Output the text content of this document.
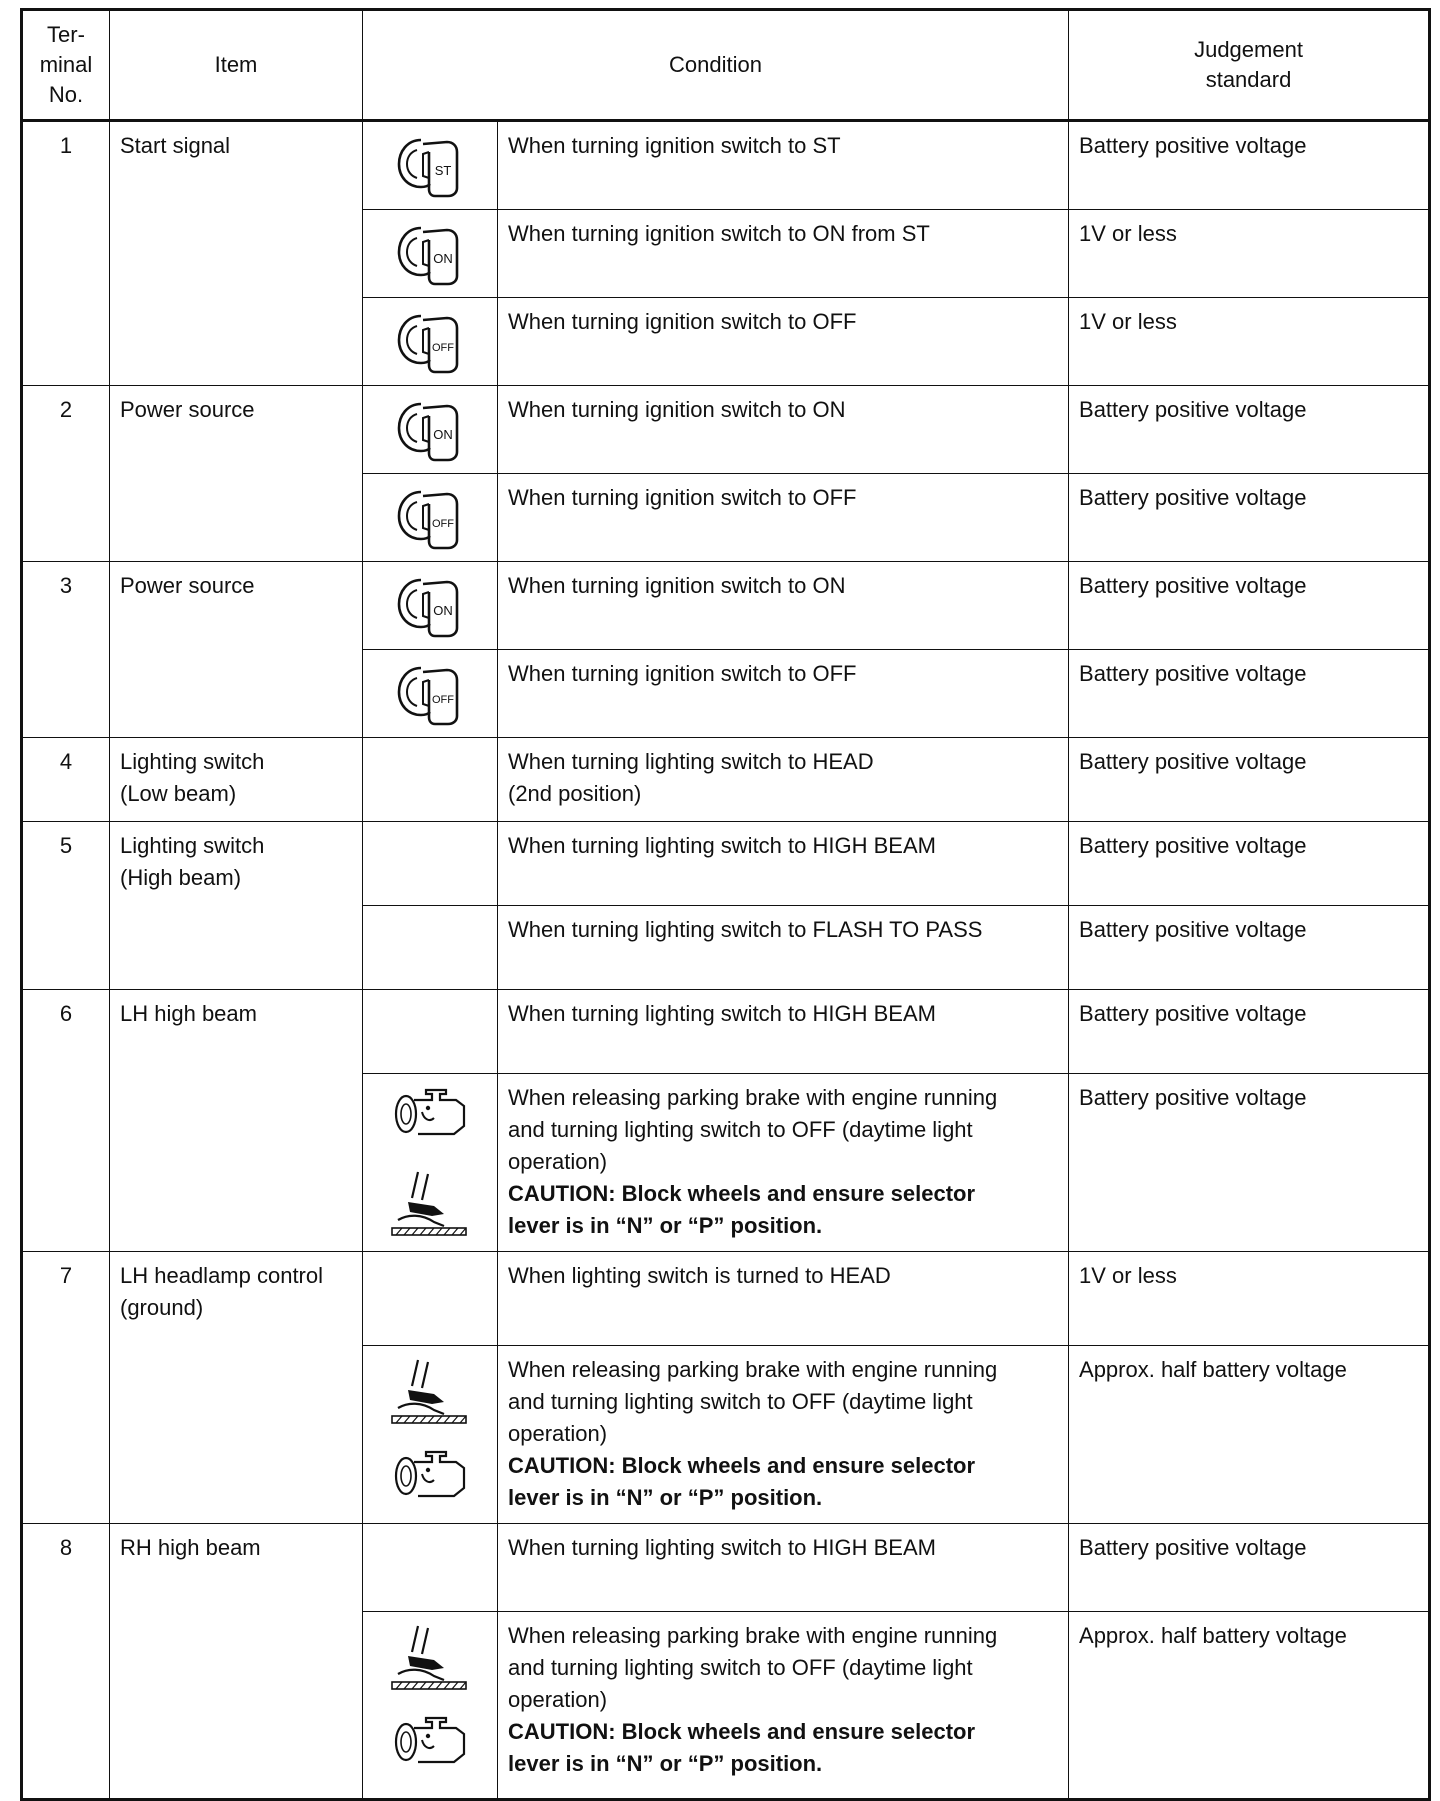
Ter-
minal
No.	Item	Condition		Judgement
standard

1	Start signal	ST	When turning ignition switch to ST	Battery positive voltage

ON	When turning ignition switch to ON from ST	1V or less

OFF	When turning ignition switch to OFF	1V or less
2	Power source	ON	When turning ignition switch to ON	Battery positive voltage

OFF	When turning ignition switch to OFF	Battery positive voltage
3	Power source	ON	When turning ignition switch to ON	Battery positive voltage

OFF	When turning ignition switch to OFF	Battery positive voltage
4	Lighting switch
(Low beam)		When turning lighting switch to HEAD
(2nd position)	Battery positive voltage
5	Lighting switch
(High beam)		When turning lighting switch to HIGH BEAM	Battery positive voltage

			When turning lighting switch to FLASH TO PASS	Battery positive voltage
6	LH high beam		When turning lighting switch to HIGH BEAM	Battery positive voltage

When releasing parking brake with engine running
and turning lighting switch to OFF (daytime light
operation)
CAUTION: Block wheels and ensure selector
lever is in “N” or “P” position.	Battery positive voltage
7	LH headlamp control
(ground)		When lighting switch is turned to HEAD	1V or less

When releasing parking brake with engine running
and turning lighting switch to OFF (daytime light
operation)
CAUTION: Block wheels and ensure selector
lever is in “N” or “P” position.	Approx. half battery voltage
8	RH high beam		When turning lighting switch to HIGH BEAM	Battery positive voltage

When releasing parking brake with engine running
and turning lighting switch to OFF (daytime light
operation)
CAUTION: Block wheels and ensure selector
lever is in “N” or “P” position.	Approx. half battery voltage
